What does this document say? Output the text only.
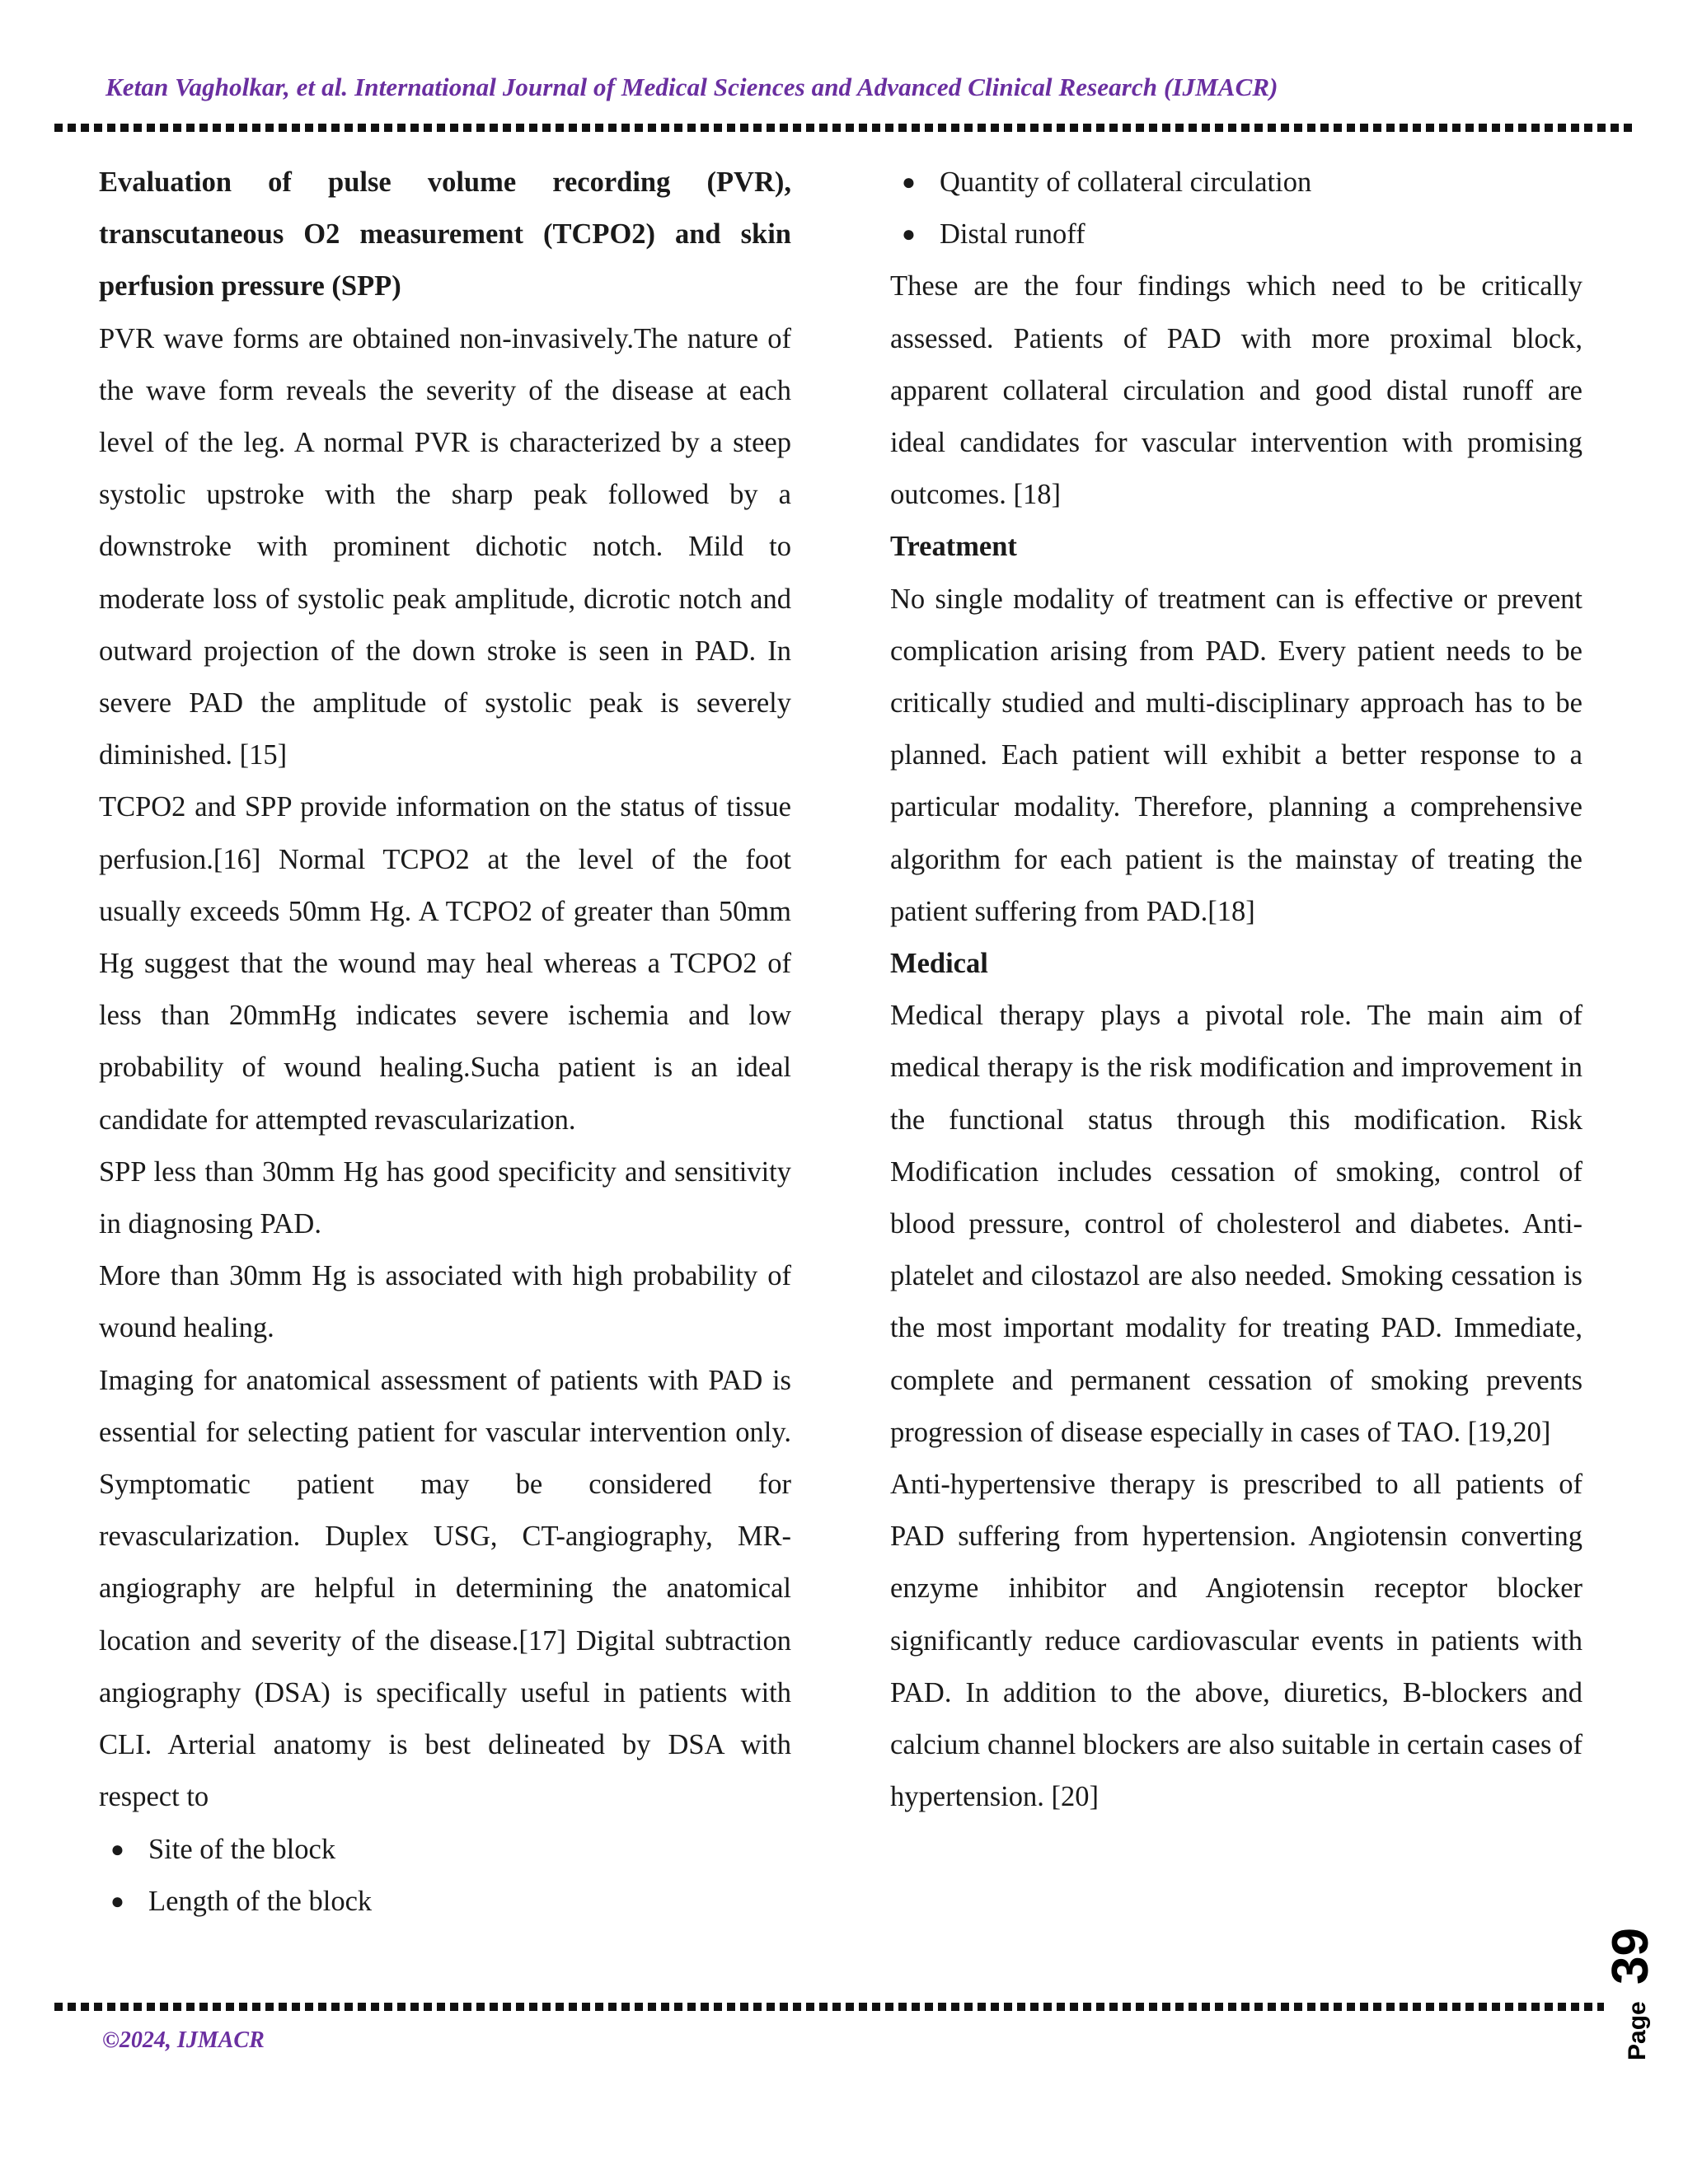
Ketan Vagholkar, et al. International Journal of Medical Sciences and Advanced Clinical Research (IJMACR)

Evaluation of pulse volume recording (PVR), transcutaneous O2 measurement (TCPO2) and skin perfusion pressure (SPP)

PVR wave forms are obtained non-invasively.The nature of the wave form reveals the severity of the disease at each level of the leg. A normal PVR is characterized by a steep systolic upstroke with the sharp peak followed by a downstroke with prominent dichotic notch. Mild to moderate loss of systolic peak amplitude, dicrotic notch and outward projection of the down stroke is seen in PAD. In severe PAD the amplitude of systolic peak is severely diminished. [15]

TCPO2 and SPP provide information on the status of tissue perfusion.[16] Normal TCPO2 at the level of the foot usually exceeds 50mm Hg. A TCPO2 of greater than 50mm Hg suggest that the wound may heal whereas a TCPO2 of less than 20mmHg indicates severe ischemia and low probability of wound healing.Sucha patient is an ideal candidate for attempted revascularization.

SPP less than 30mm Hg has good specificity and sensitivity in diagnosing PAD.

More than 30mm Hg is associated with high probability of wound healing.

Imaging for anatomical assessment of patients with PAD is essential for selecting patient for vascular intervention only. Symptomatic patient may be considered for revascularization. Duplex USG, CT-angiography, MR-angiography are helpful in determining the anatomical location and severity of the disease.[17] Digital subtraction angiography (DSA) is specifically useful in patients with CLI. Arterial anatomy is best delineated by DSA with respect to

● Site of the block
● Length of the block
● Quantity of collateral circulation
● Distal runoff

These are the four findings which need to be critically assessed. Patients of PAD with more proximal block, apparent collateral circulation and good distal runoff are ideal candidates for vascular intervention with promising outcomes. [18]

Treatment

No single modality of treatment can is effective or prevent complication arising from PAD. Every patient needs to be critically studied and multi-disciplinary approach has to be planned. Each patient will exhibit a better response to a particular modality. Therefore, planning a comprehensive algorithm for each patient is the mainstay of treating the patient suffering from PAD.[18]

Medical

Medical therapy plays a pivotal role. The main aim of medical therapy is the risk modification and improvement in the functional status through this modification. Risk Modification includes cessation of smoking, control of blood pressure, control of cholesterol and diabetes. Anti-platelet and cilostazol are also needed. Smoking cessation is the most important modality for treating PAD. Immediate, complete and permanent cessation of smoking prevents progression of disease especially in cases of TAO. [19,20]

Anti-hypertensive therapy is prescribed to all patients of PAD suffering from hypertension. Angiotensin converting enzyme inhibitor and Angiotensin receptor blocker significantly reduce cardiovascular events in patients with PAD. In addition to the above, diuretics, B-blockers and calcium channel blockers are also suitable in certain cases of hypertension. [20]

©2024, IJMACR
39
Page
